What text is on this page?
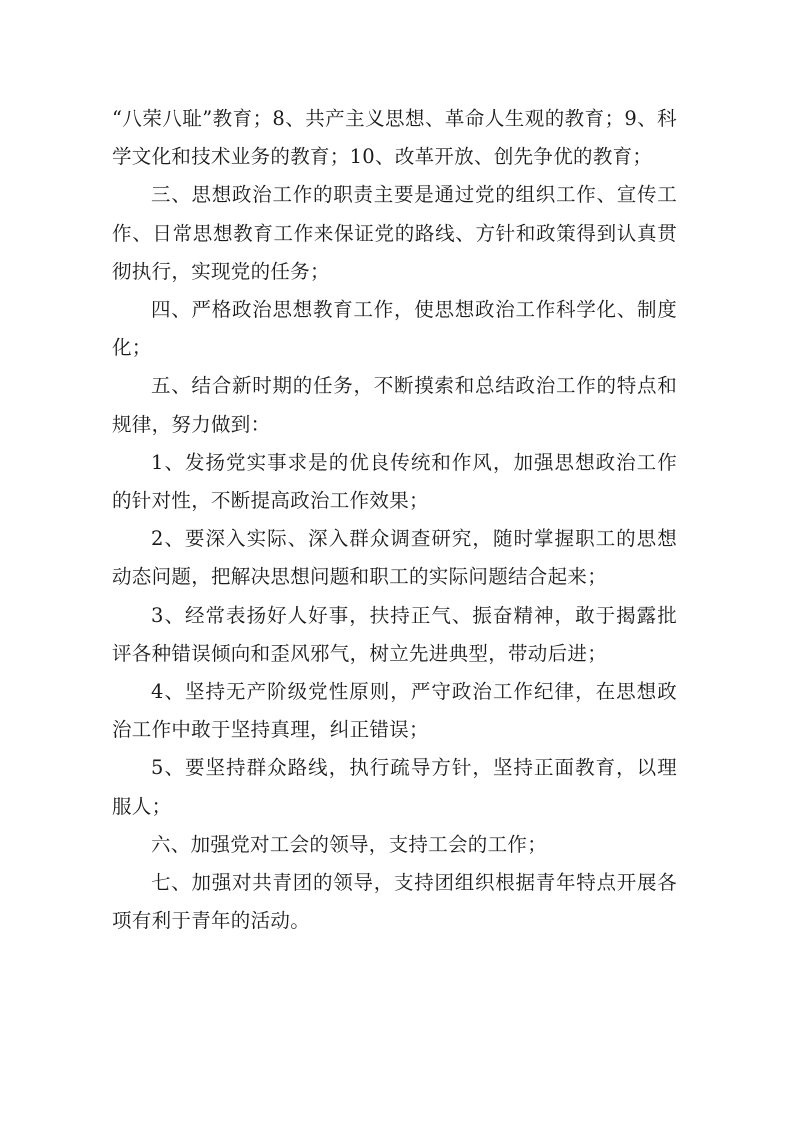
“八荣八耻”教育；8、共产主义思想、革命人生观的教育；9、科学文化和技术业务的教育；10、改革开放、创先争优的教育；

三、思想政治工作的职责主要是通过党的组织工作、宣传工作、日常思想教育工作来保证党的路线、方针和政策得到认真贯彻执行，实现党的任务；

四、严格政治思想教育工作，使思想政治工作科学化、制度化；

五、结合新时期的任务，不断摸索和总结政治工作的特点和规律，努力做到：

1、发扬党实事求是的优良传统和作风，加强思想政治工作的针对性，不断提高政治工作效果；

2、要深入实际、深入群众调查研究，随时掌握职工的思想动态问题，把解决思想问题和职工的实际问题结合起来；

3、经常表扬好人好事，扶持正气、振奋精神，敢于揭露批评各种错误倾向和歪风邪气，树立先进典型，带动后进；

4、坚持无产阶级党性原则，严守政治工作纪律，在思想政治工作中敢于坚持真理，纠正错误；

5、要坚持群众路线，执行疏导方针，坚持正面教育，以理服人；

六、加强党对工会的领导，支持工会的工作；

七、加强对共青团的领导，支持团组织根据青年特点开展各项有利于青年的活动。
